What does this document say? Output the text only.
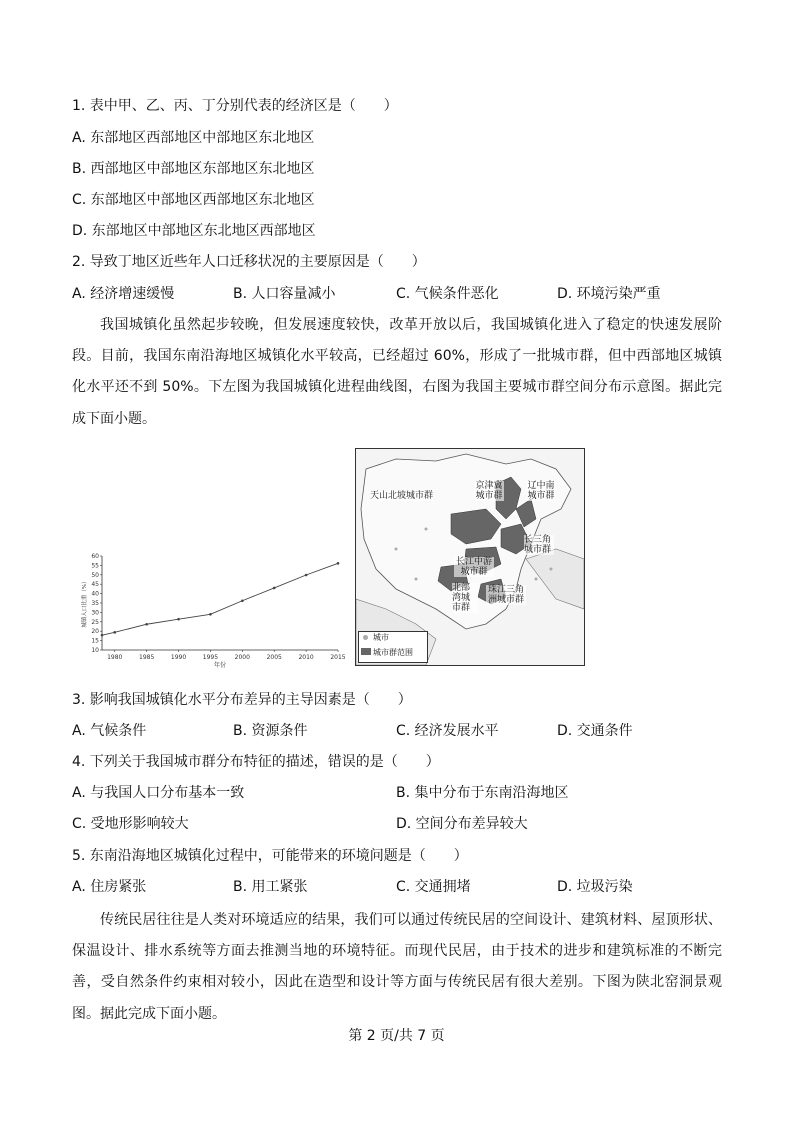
1. 表中甲、乙、丙、丁分别代表的经济区是（　　）
A. 东部地区西部地区中部地区东北地区
B. 西部地区中部地区东部地区东北地区
C. 东部地区中部地区西部地区东北地区
D. 东部地区中部地区东北地区西部地区
2. 导致丁地区近些年人口迁移状况的主要原因是（　　）
A. 经济增速缓慢	B. 人口容量减小	C. 气候条件恶化	D. 环境污染严重
我国城镇化虽然起步较晚，但发展速度较快，改革开放以后，我国城镇化进入了稳定的快速发展阶段。目前，我国东南沿海地区城镇化水平较高，已经超过 60%，形成了一批城市群，但中西部地区城镇化水平还不到 50%。下左图为我国城镇化进程曲线图，右图为我国主要城市群空间分布示意图。据此完成下面小题。
10
15
20
25
30
35
40
45
50
55
60
1980	1985	1990	1995	2000	2005	2010	2015
年份
城镇人口比重（%）
天山北坡城市群
京津冀城市群
辽中南城市群
长三角城市群
长江中游城市群
北部湾城市群
珠江三角洲城市群
城市
城市群范围
3. 影响我国城镇化水平分布差异的主导因素是（　　）
A. 气候条件	B. 资源条件	C. 经济发展水平	D. 交通条件
4. 下列关于我国城市群分布特征的描述，错误的是（　　）
A. 与我国人口分布基本一致	B. 集中分布于东南沿海地区
C. 受地形影响较大	D. 空间分布差异较大
5. 东南沿海地区城镇化过程中，可能带来的环境问题是（　　）
A. 住房紧张	B. 用工紧张	C. 交通拥堵	D. 垃圾污染
传统民居往往是人类对环境适应的结果，我们可以通过传统民居的空间设计、建筑材料、屋顶形状、保温设计、排水系统等方面去推测当地的环境特征。而现代民居，由于技术的进步和建筑标准的不断完善，受自然条件约束相对较小，因此在造型和设计等方面与传统民居有很大差别。下图为陕北窑洞景观图。据此完成下面小题。
第 2 页/共 7 页
